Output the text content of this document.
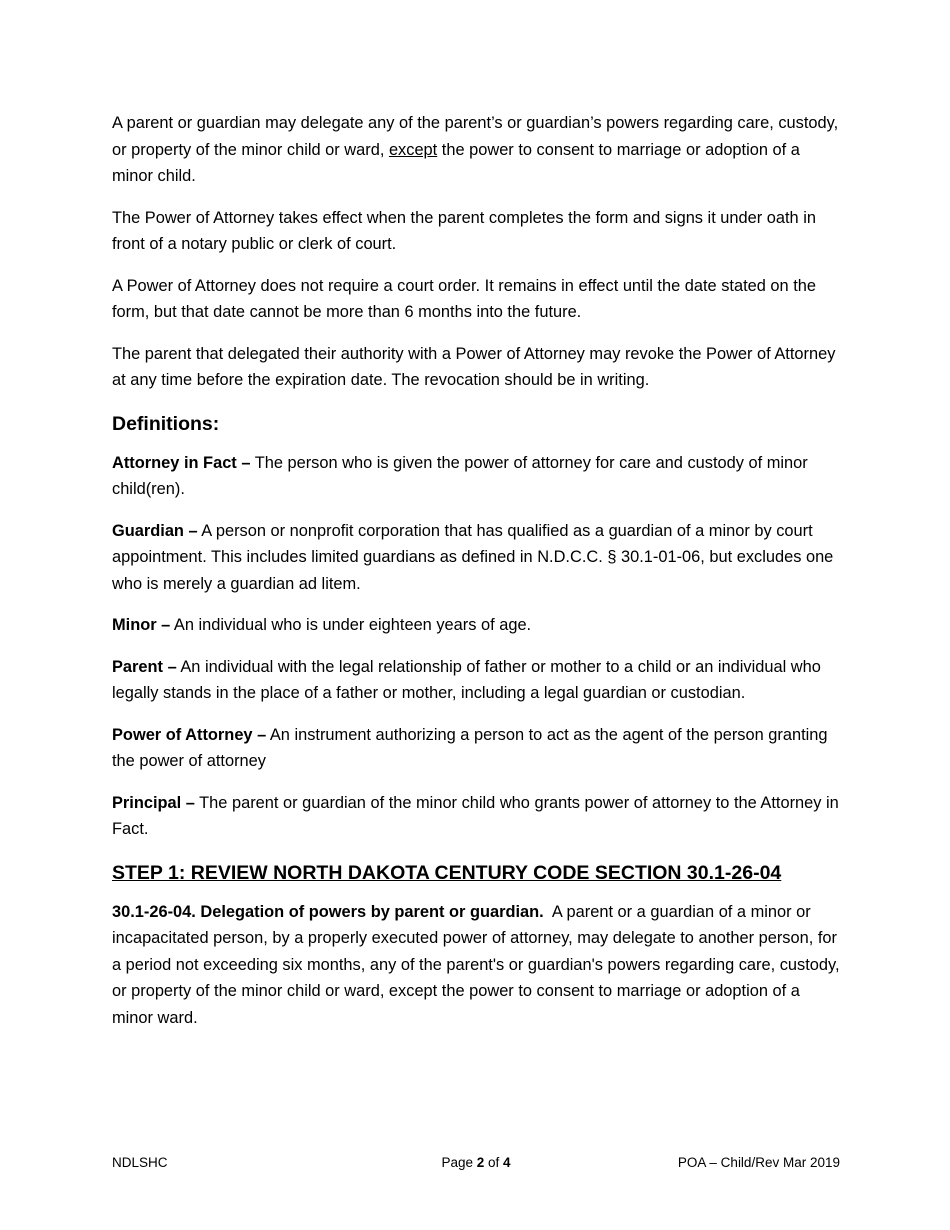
A parent or guardian may delegate any of the parent’s or guardian’s powers regarding care, custody, or property of the minor child or ward, except the power to consent to marriage or adoption of a minor child.

The Power of Attorney takes effect when the parent completes the form and signs it under oath in front of a notary public or clerk of court.

A Power of Attorney does not require a court order. It remains in effect until the date stated on the form, but that date cannot be more than 6 months into the future.

The parent that delegated their authority with a Power of Attorney may revoke the Power of Attorney at any time before the expiration date. The revocation should be in writing.

Definitions:

Attorney in Fact – The person who is given the power of attorney for care and custody of minor child(ren).

Guardian – A person or nonprofit corporation that has qualified as a guardian of a minor by court appointment. This includes limited guardians as defined in N.D.C.C. § 30.1-01-06, but excludes one who is merely a guardian ad litem.

Minor – An individual who is under eighteen years of age.

Parent – An individual with the legal relationship of father or mother to a child or an individual who legally stands in the place of a father or mother, including a legal guardian or custodian.

Power of Attorney – An instrument authorizing a person to act as the agent of the person granting the power of attorney

Principal – The parent or guardian of the minor child who grants power of attorney to the Attorney in Fact.

STEP 1: REVIEW NORTH DAKOTA CENTURY CODE SECTION 30.1-26-04

30.1-26-04. Delegation of powers by parent or guardian.  A parent or a guardian of a minor or incapacitated person, by a properly executed power of attorney, may delegate to another person, for a period not exceeding six months, any of the parent's or guardian's powers regarding care, custody, or property of the minor child or ward, except the power to consent to marriage or adoption of a minor ward.

NDLSHC	Page 2 of 4	POA – Child/Rev Mar 2019
